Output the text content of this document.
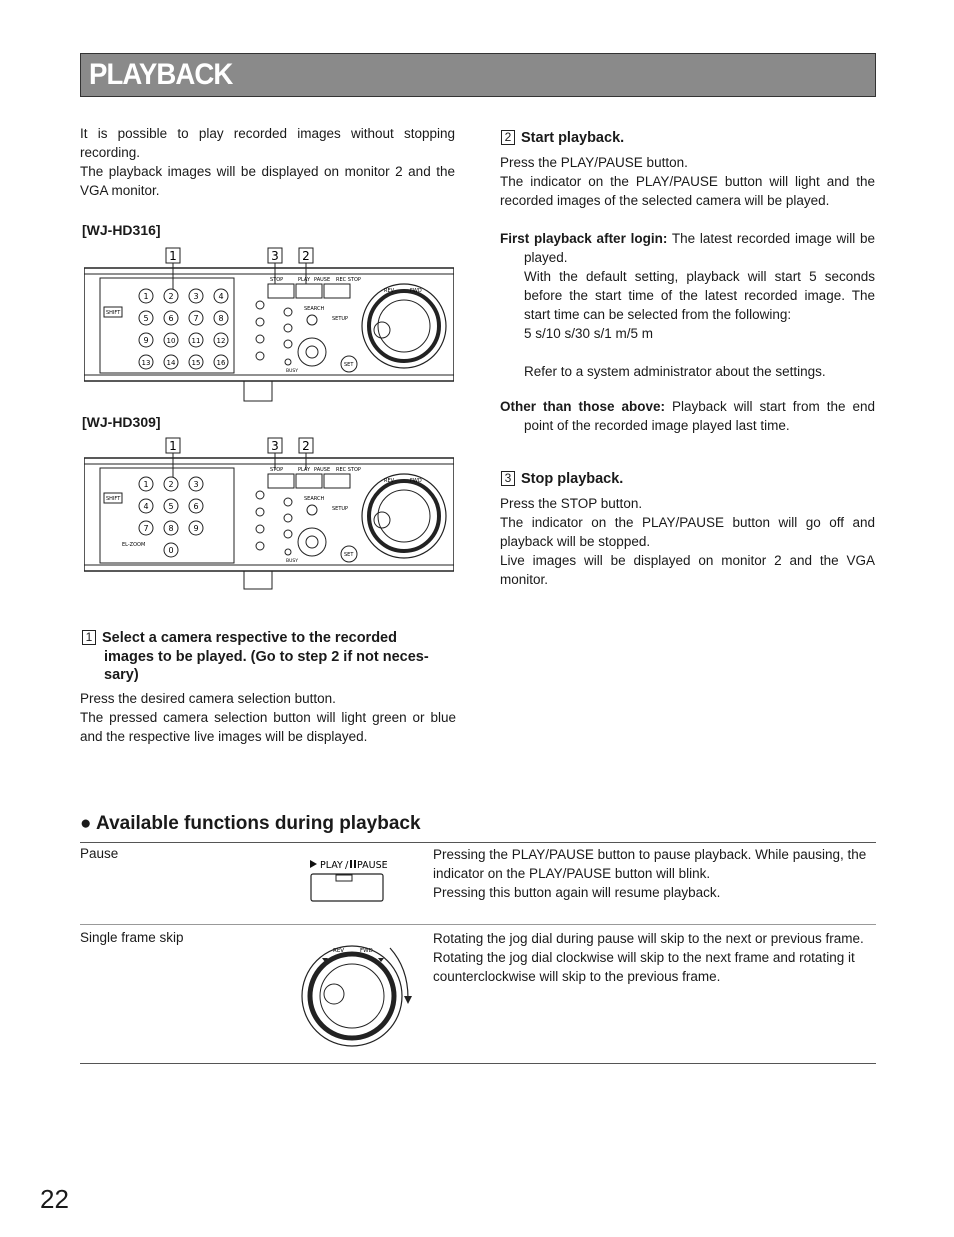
PLAYBACK
It is possible to play recorded images without stopping recording.
The playback images will be displayed on monitor 2 and the VGA monitor.
[WJ-HD316]
1	3 2
1 2 3 4
5 6 7 8
9	10 11 12
13 14 15 16
STOP	PLAY PAUSE REC STOP
SEARCH
SETUP
BUSY
SHIFT
SET
REV	FWD
[WJ-HD309]
1	3 2
1 2 3
4 5 6
7 8 9
0
STOP	PLAY PAUSE REC STOP
SEARCH
SETUP
BUSY
SHIFT
EL-ZOOM
SET
REV	FWD
1 Select a camera respective to the recorded
images to be played. (Go to step 2 if not neces-
sary)
Press the desired camera selection button.
The pressed camera selection button will light green or blue and the respective live images will be displayed.
2 Start playback.
Press the PLAY/PAUSE button.
The indicator on the PLAY/PAUSE button will light and the recorded images of the selected camera will be played.
First playback after login: The latest recorded image will be played.
With the default setting, playback will start 5 seconds before the start time of the latest recorded image. The start time can be selected from the following:
5 s/10 s/30 s/1 m/5 m
Refer to a system administrator about the settings.
Other than those above: Playback will start from the end point of the recorded image played last time.
3 Stop playback.
Press the STOP button.
The indicator on the PLAY/PAUSE button will go off and playback will be stopped.
Live images will be displayed on monitor 2 and the VGA monitor.
● Available functions during playback
Pause
PLAY / PAUSE
Pressing the PLAY/PAUSE button to pause playback. While pausing, the indicator on the PLAY/PAUSE button will blink.
Pressing this button again will resume playback.
Single frame skip
REV	FWD
Rotating the jog dial during pause will skip to the next or previous frame.
Rotating the jog dial clockwise will skip to the next frame and rotating it counterclockwise will skip to the previous frame.
22
